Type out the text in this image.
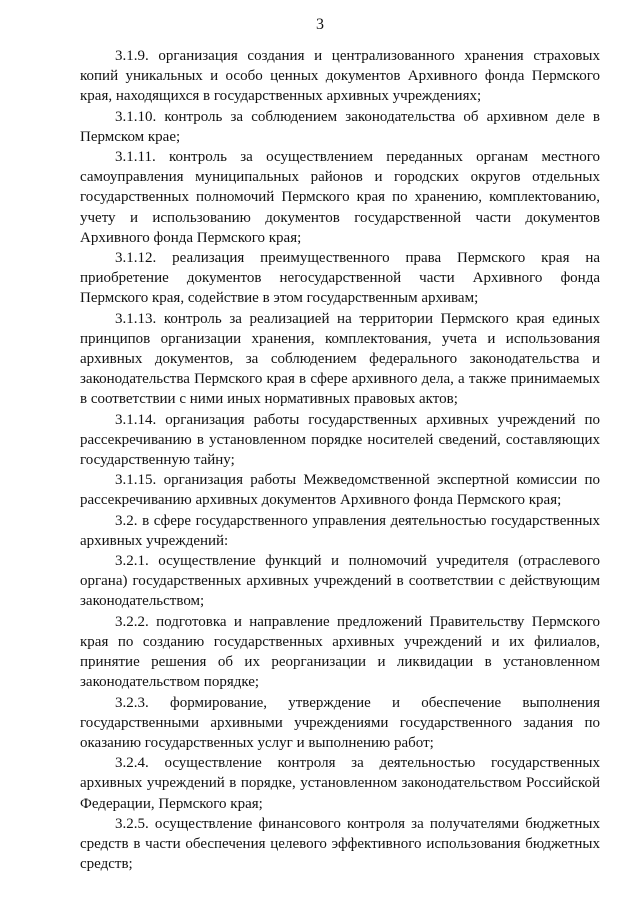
3

3.1.9. организация создания и централизованного хранения страховых копий уникальных и особо ценных документов Архивного фонда Пермского края, находящихся в государственных архивных учреждениях;

3.1.10. контроль за соблюдением законодательства об архивном деле в Пермском крае;

3.1.11. контроль за осуществлением переданных органам местного самоуправления муниципальных районов и городских округов отдельных государственных полномочий Пермского края по хранению, комплектованию, учету и использованию документов государственной части документов Архивного фонда Пермского края;

3.1.12. реализация преимущественного права Пермского края на приобретение документов негосударственной части Архивного фонда Пермского края, содействие в этом государственным архивам;

3.1.13. контроль за реализацией на территории Пермского края единых принципов организации хранения, комплектования, учета и использования архивных документов, за соблюдением федерального законодательства и законодательства Пермского края в сфере архивного дела, а также принимаемых в соответствии с ними иных нормативных правовых актов;

3.1.14. организация работы государственных архивных учреждений по рассекречиванию в установленном порядке носителей сведений, составляющих государственную тайну;

3.1.15. организация работы Межведомственной экспертной комиссии по рассекречиванию архивных документов Архивного фонда Пермского края;

3.2. в сфере государственного управления деятельностью государственных архивных учреждений:

3.2.1. осуществление функций и полномочий учредителя (отраслевого органа) государственных архивных учреждений в соответствии с действующим законодательством;

3.2.2. подготовка и направление предложений Правительству Пермского края по созданию государственных архивных учреждений и их филиалов, принятие решения об их реорганизации и ликвидации в установленном законодательством порядке;

3.2.3. формирование, утверждение и обеспечение выполнения государственными архивными учреждениями государственного задания по оказанию государственных услуг и выполнению работ;

3.2.4. осуществление контроля за деятельностью государственных архивных учреждений в порядке, установленном законодательством Российской Федерации, Пермского края;

3.2.5. осуществление финансового контроля за получателями бюджетных средств в части обеспечения целевого эффективного использования бюджетных средств;
